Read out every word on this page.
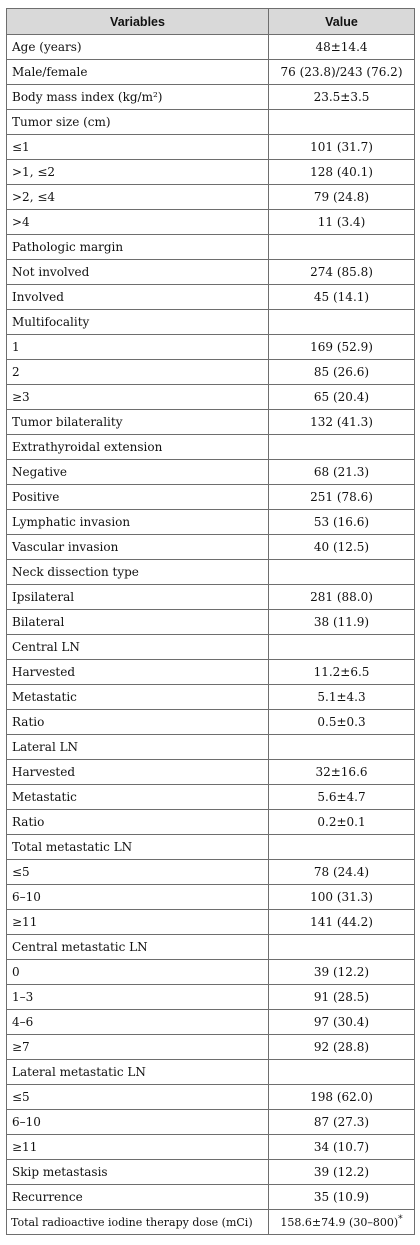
Variables	Value
Age (years)	48±14.4
Male/female	76 (23.8)/243 (76.2)
Body mass index (kg/m²)	23.5±3.5
Tumor size (cm)	
≤1	101 (31.7)
>1, ≤2	128 (40.1)
>2, ≤4	79 (24.8)
>4	11 (3.4)
Pathologic margin	
Not involved	274 (85.8)
Involved	45 (14.1)
Multifocality	
1	169 (52.9)
2	85 (26.6)
≥3	65 (20.4)
Tumor bilaterality	132 (41.3)
Extrathyroidal extension	
Negative	68 (21.3)
Positive	251 (78.6)
Lymphatic invasion	53 (16.6)
Vascular invasion	40 (12.5)
Neck dissection type	
Ipsilateral	281 (88.0)
Bilateral	38 (11.9)
Central LN	
Harvested	11.2±6.5
Metastatic	5.1±4.3
Ratio	0.5±0.3
Lateral LN	
Harvested	32±16.6
Metastatic	5.6±4.7
Ratio	0.2±0.1
Total metastatic LN	
≤5	78 (24.4)
6–10	100 (31.3)
≥11	141 (44.2)
Central metastatic LN	
0	39 (12.2)
1–3	91 (28.5)
4–6	97 (30.4)
≥7	92 (28.8)
Lateral metastatic LN	
≤5	198 (62.0)
6–10	87 (27.3)
≥11	34 (10.7)
Skip metastasis	39 (12.2)
Recurrence	35 (10.9)
Total radioactive iodine therapy dose (mCi)	158.6±74.9 (30–800)*
